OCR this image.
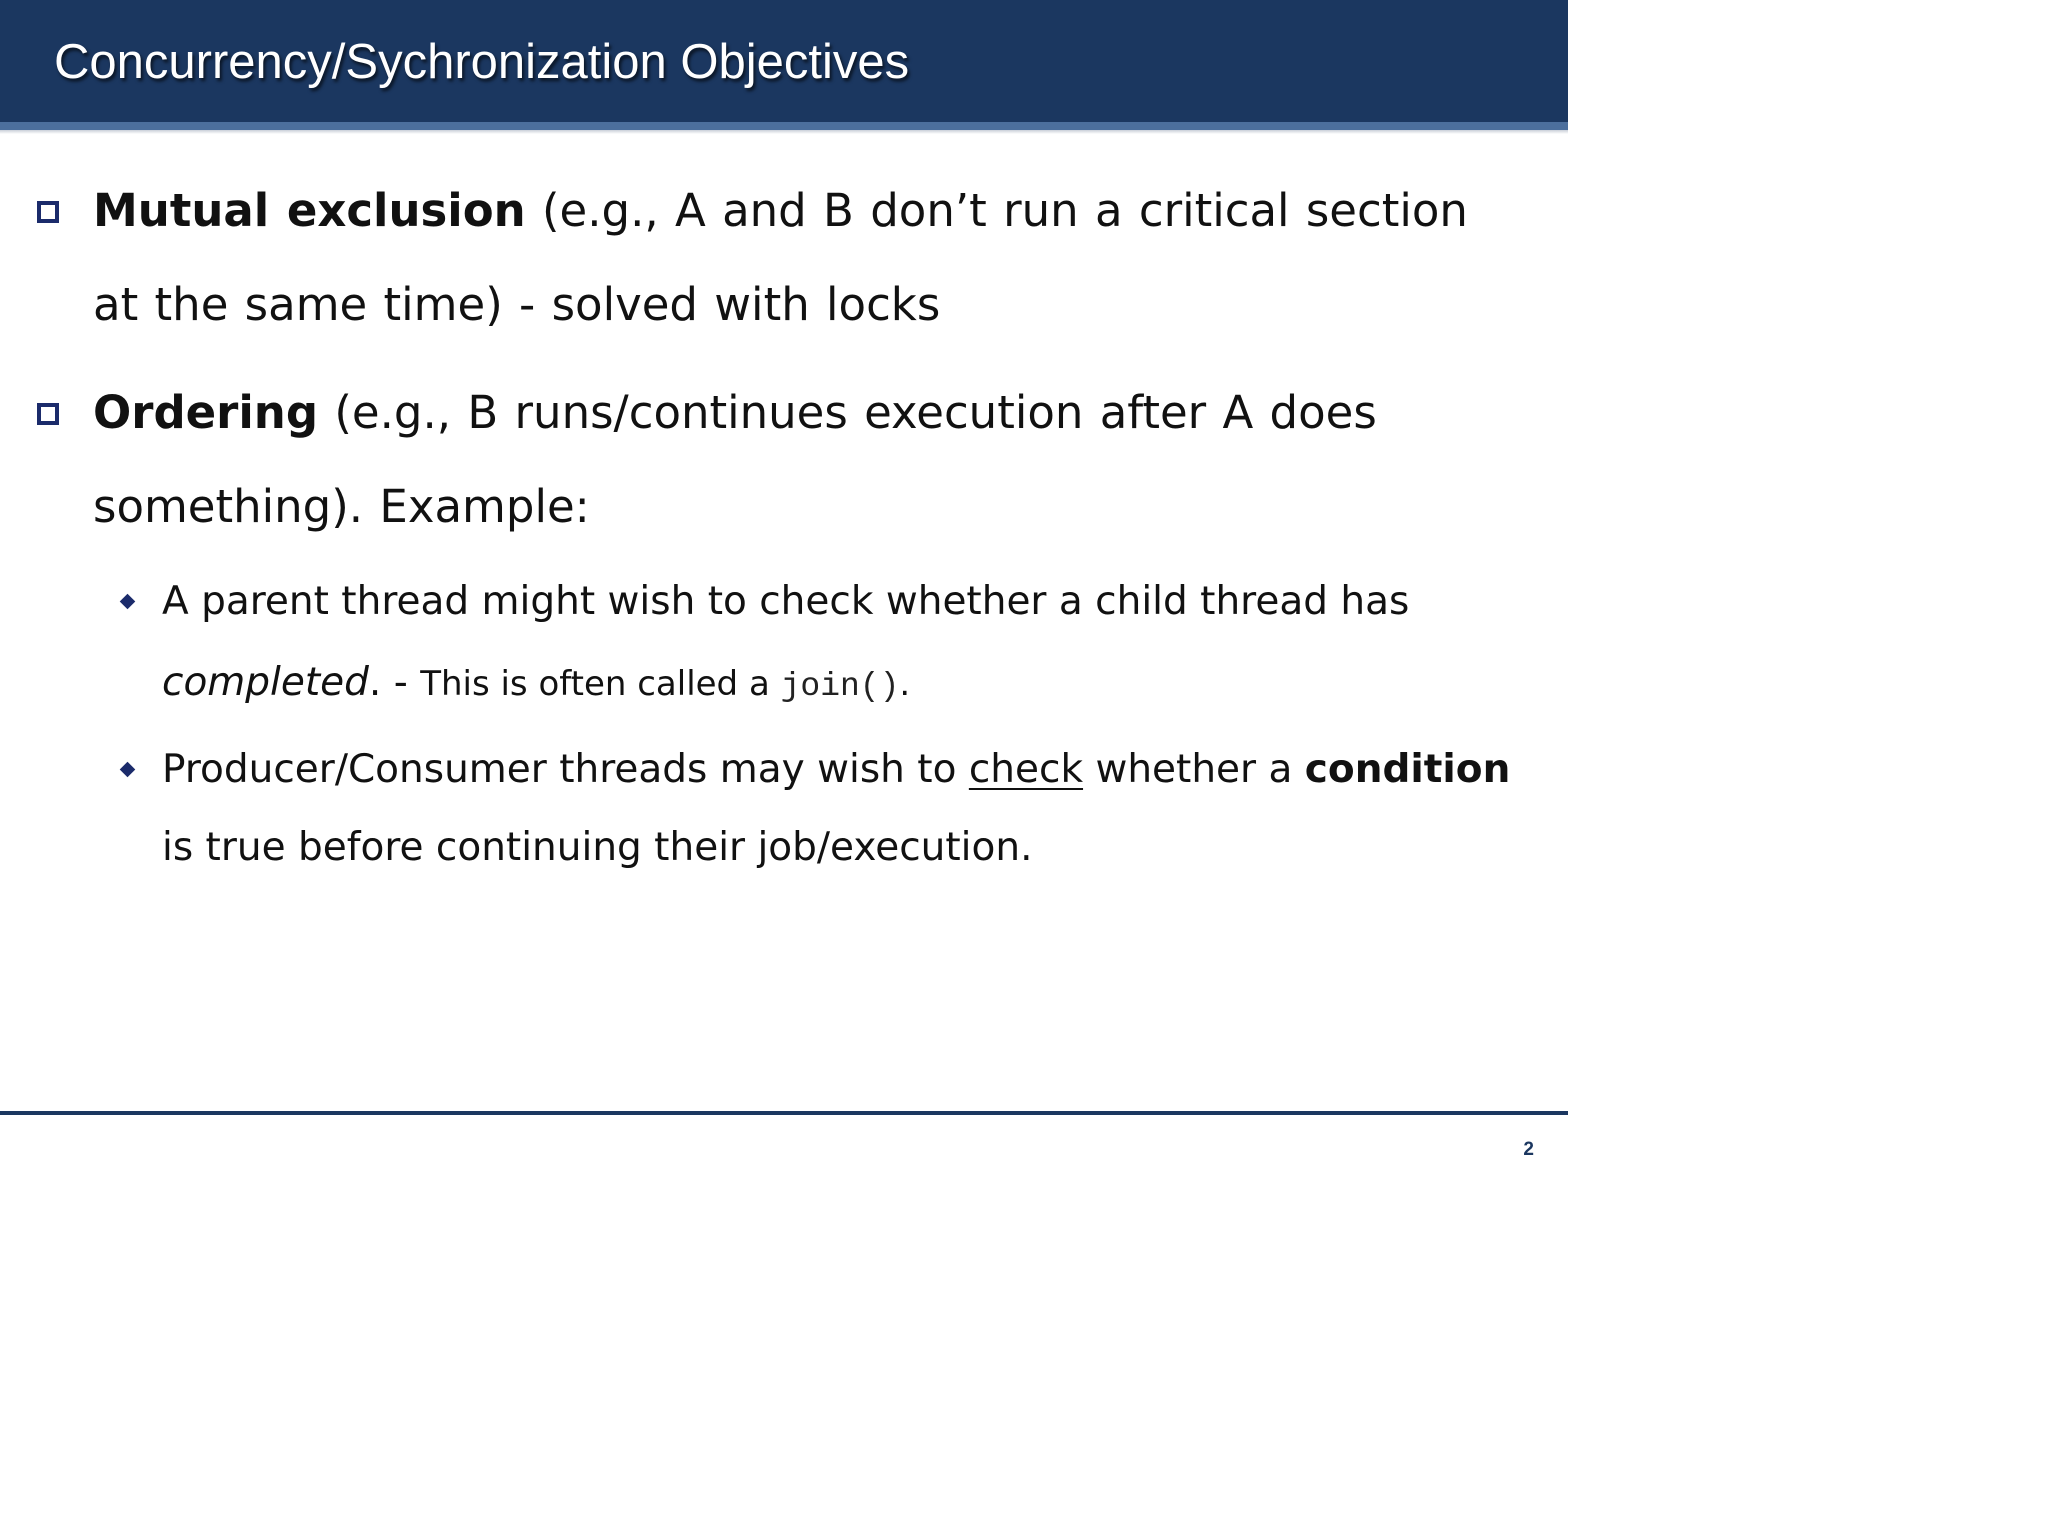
Concurrency/Sychronization Objectives
Mutual exclusion (e.g., A and B don’t run a critical section
at the same time) - solved with locks
Ordering (e.g., B runs/continues execution after A does
something). Example:
A parent thread might wish to check whether a child thread has
completed. - This is often called a join().
Producer/Consumer threads may wish to check whether a condition
is true before continuing their job/execution.
2
